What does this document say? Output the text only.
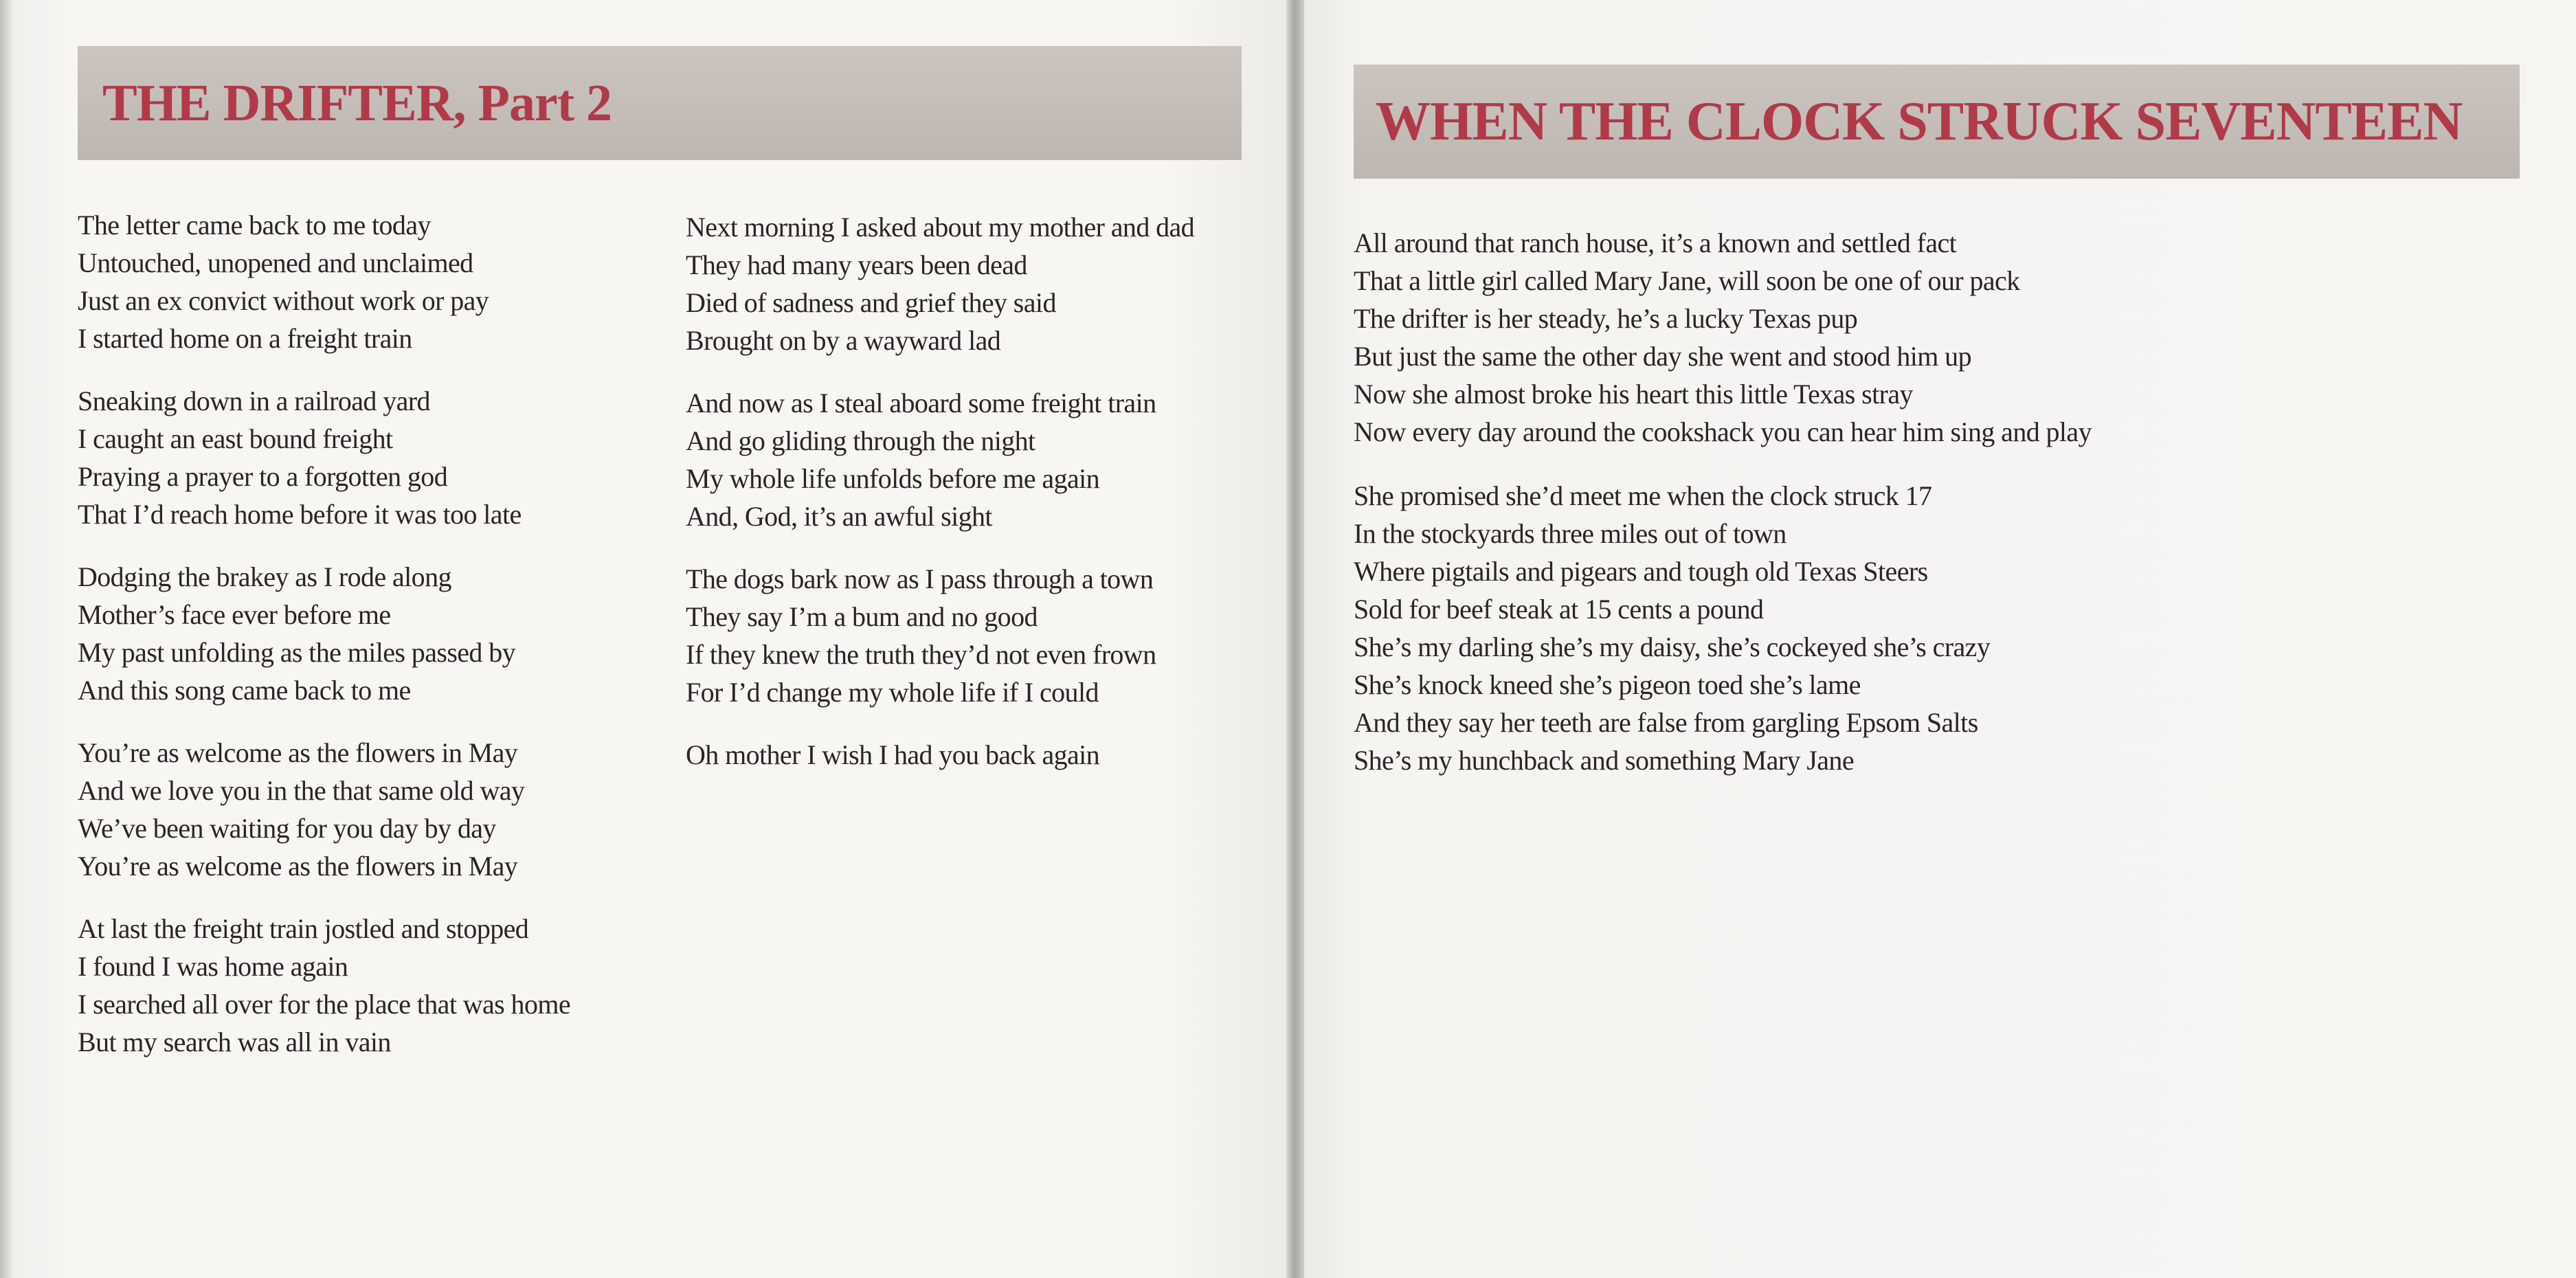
THE DRIFTER, Part 2	WHEN THE CLOCK STRUCK SEVENTEEN
The letter came back to me today
Untouched, unopened and unclaimed
Just an ex convict without work or pay
I started home on a freight train
Sneaking down in a railroad yard
I caught an east bound freight
Praying a prayer to a forgotten god
That I’d reach home before it was too late
Dodging the brakey as I rode along
Mother’s face ever before me
My past unfolding as the miles passed by
And this song came back to me
You’re as welcome as the flowers in May
And we love you in the that same old way
We’ve been waiting for you day by day
You’re as welcome as the flowers in May
At last the freight train jostled and stopped
I found I was home again
I searched all over for the place that was home
But my search was all in vain
Next morning I asked about my mother and dad
They had many years been dead
Died of sadness and grief they said
Brought on by a wayward lad
And now as I steal aboard some freight train
And go gliding through the night
My whole life unfolds before me again
And, God, it’s an awful sight
The dogs bark now as I pass through a town
They say I’m a bum and no good
If they knew the truth they’d not even frown
For I’d change my whole life if I could
Oh mother I wish I had you back again
All around that ranch house, it’s a known and settled fact
That a little girl called Mary Jane, will soon be one of our pack
The drifter is her steady, he’s a lucky Texas pup
But just the same the other day she went and stood him up
Now she almost broke his heart this little Texas stray
Now every day around the cookshack you can hear him sing and play
She promised she’d meet me when the clock struck 17
In the stockyards three miles out of town
Where pigtails and pigears and tough old Texas Steers
Sold for beef steak at 15 cents a pound
She’s my darling she’s my daisy, she’s cockeyed she’s crazy
She’s knock kneed she’s pigeon toed she’s lame
And they say her teeth are false from gargling Epsom Salts
She’s my hunchback and something Mary Jane
